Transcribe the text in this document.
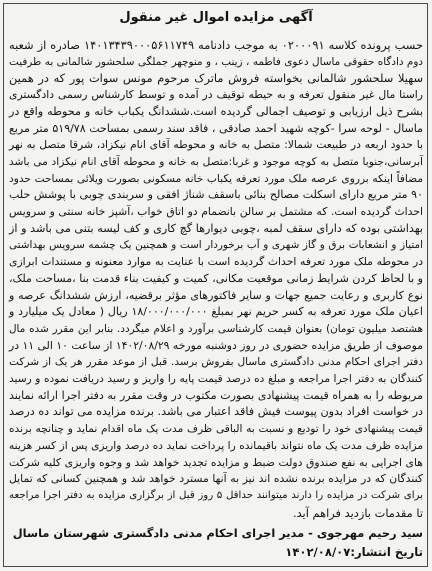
آگهی مزایده اموال غیر منقول
حسب پرونده کلاسه ۰۲۰۰۰۹۱ به موجب دادنامه ۱۴۰۱۳۴۳۹۰۰۰۵۶۱۱۷۴۹ صادره از شعبه
دوم دادگاه حقوقی ماسال دعوی فاطمه ، زینب ، و منوچهر جملگی سلحشور شالمانی به طرفیت
سهیلا سلحشور شالمانی بخواسته فروش ماترک مرحوم مونس سوات پور که در همین
راستا مال غیر منقول تعرفه و به حیطه توقیف در آمده و توسط کارشناس رسمی دادگستری
بشرح ذیل ارزیابی و توصیف اجمالی گردیده است.ششدانگ یکباب خانه و محوطه واقع در
ماسال - لوحه سرا -کوچه شهید احمد صادقی ، فاقد سند رسمی بمساحت ۵۱۹/۷۸ متر مربع
با حدود اربعه در طبیعت شمالا: متصل به خانه و محوطه آقای انام نیکزاد، شرقا متصل به نهر
آبرسانی،جنوبا متصل به کوچه موجود و غربا:متصل به خانه و محوطه آقای انام نیکزاد می باشد
مضافاً اینکه برروی عرصه ملک مورد تعرفه یکباب خانه مسکونی بصورت ویلائی بمساحت حدود
۹۰ متر مربع دارای اسکلت مصالح بنائی باسقف شناژ افقی و سربندی چوبی با پوشش حلب
احداث گردیده است. که مشتمل بر سالن بانضمام دو اتاق خواب ،آشپز خانه سنتی و سرویس
بهداشتی بوده که دارای سقف لمبه ،چوبی دیوارها گچ کاری و کف لیسه بتنی می باشد و از
امتیاز و انشعابات برق و گاز شهری و آب برخوردار است و همچنین یک چشمه سرویس بهداشتی
در محوطه ملک مورد تعرفه احداث گردیده است با عنایت به موارد معنونه و مستندات ابرازی
و با لحاظ کردن شرایط زمانی موقعیت مکانی، کمیت و کیفیت بناء قدمت بنا ،مساحت ملک،
نوع کاربری و رعایت جمیع جهات و سایر فاکتورهای مؤثر برقضیه، ارزش ششدانگ عرصه و
اعیان ملک مورد تعرفه به کسر حریم نهر بمبلغ ۱۸/۰۰۰/۰۰۰/۰۰۰ ریال ( معادل یک میلیارد و
هشتصد میلیون تومان) بعنوان قیمت کارشناسی برآورد و اعلام میگردد. بنابر این مقرر شده مال
موصوف از طریق مزایده حضوری در روز دوشنبه مورخه ۱۴۰۲/۰۸/۲۹ از ساعت ۱۰ الی ۱۱ در
دفتر اجرای احکام مدنی دادگستری ماسال بفروش برسد. قبل از موعد مقرر هر یک از شرکت
کنندگان به دفتر اجرا مراجعه و مبلغ ده درصد قیمت پایه را واریز و رسید دریافت نموده و رسید
مربوطه را به همراه قیمت پیشنهادی بصورت مکتوب در وقت مقرر به دفتر اجرا ارائه نمایند
در خواست افراد بدون پیوست فیش فاقد اعتبار می باشد. برنده مزایده می تواند ده درصد
قیمت پیشنهادی خود را تودیع و نسبت به الباقی ظرف مدت یک ماه اقدام نماید و چنانچه برنده
مزایده ظرف مدت یک ماه نتواند باقیمانده را پرداخت نماید ده درصد واریزی پس از کسر هزینه
های اجرایی به نفع صندوق دولت ضبط و مزایده تجدید خواهد شد و وجوه واریزی کلیه شرکت
کنندگان که در مزایده برنده نشده اند نیز به آنها مسترد خواهد شد و همچنین کسانی که تمایل
برای شرکت در مزایده را دارند میتوانند حداقل ۵ روز قبل از برگزاری مزایده به دفتر اجرا مراجعه
تا مقدمات بازدید فراهم آید.
سید رحیم مهرجوی - مدیر اجرای احکام مدنی دادگستری شهرستان ماسال
تاریخ انتشار:۱۴۰۲/۰۸/۰۷
